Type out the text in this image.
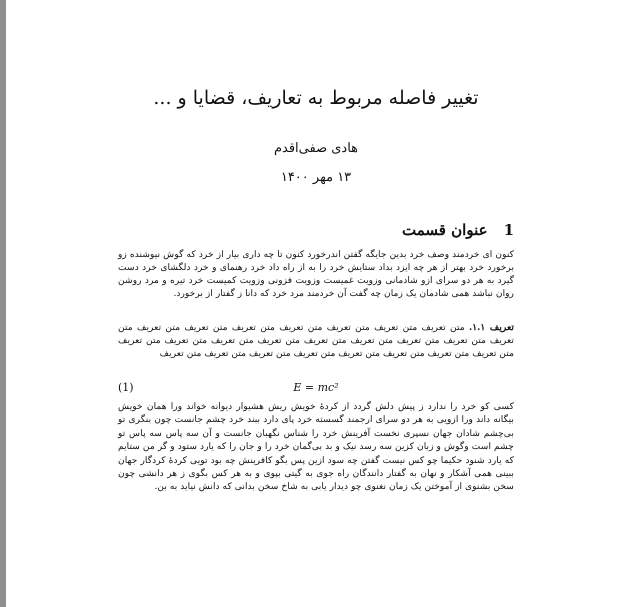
تغییر فاصله مربوط به تعاریف، قضایا و ...
هادی صفی‌اقدم
۱۳ مهر ۱۴۰۰
1عنوان قسمت
کنون ای خردمند وصف خرد بدین جایگه گفتن اندرخورد کنون تا چه داری بیار از خرد که گوش نیوشنده زو برخورد خرد بهتر از هر چه ایزد بداد ستایش خرد را به از راه داد خرد رهنمای و خرد دلگشای خرد دست گیرد به هر دو سرای ازو شادمانی وزویت غمیست وزویت فزونی وزویت کمیست خرد تیره و مرد روشن روان نباشد همی شادمان یک زمان چه گفت آن خردمند مرد خرد که دانا ز گفتار از برخورد.
تعریف ۱.۱. متن تعریف متن تعریف متن تعریف متن تعریف متن تعریف متن تعریف متن تعریف متن تعریف متن تعریف متن تعریف متن تعریف متن تعریف متن تعریف متن تعریف متن تعریف متن تعریف متن تعریف متن تعریف متن تعریف متن تعریف متن تعریف متن تعریف متن تعریف متن تعریف
E = mc²
(1)
کسی کو خرد را ندارد ز پیش دلش گردد از کرده‌ٔ خویش ریش هشیوار دیوانه خواند ورا همان خویش بیگانه داند ورا ازویی به هر دو سرای ارجمند گسسته خرد پای دارد ببند خرد چشم جانست چون بنگری تو بی‌چشم شادان جهان نسپری نخست آفرینش خرد را شناس نگهبان جانست و آن سه پاس سه پاس تو چشم است وگوش و زبان کزین سه رسد نیک و بد بی‌گمان خرد را و جان را که یارد ستود و گر من ستایم که یارد شنود حکیما چو کس نیست گفتن چه سود ازین پس بگو کافرینش چه بود تویی کرده‌ٔ کردگار جهان ببینی همی آشکار و نهان به گفتار دانندگان راه جوی به گیتی بپوی و به هر کس بگوی ز هر دانشی چون سخن بشنوی از آموختن یک زمان نغنوی چو دیدار یابی به شاخ سخن بدانی که دانش نیاید به بن.
